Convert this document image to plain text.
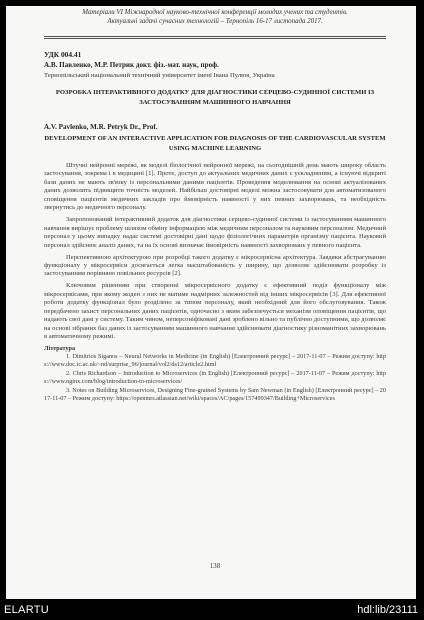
Матеріали VI Міжнародної науково-технічної конференції молодих учених та студентів.
Актуальні задачі сучасних технологій – Тернопіль 16-17 листопада 2017.
УДК 004.41
А.В. Павленко, М.Р. Петрик докт. фіз.-мат. наук, проф.
Тернопільський національний технічний університет імені Івана Пулюя, Україна
РОЗРОБКА ІНТЕРАКТИВНОГО ДОДАТКУ ДЛЯ ДІАГНОСТИКИ СЕРЦЕВО-СУДИННОЇ СИСТЕМИ ІЗ ЗАСТОСУВАННЯМ МАШИННОГО НАВЧАННЯ
A.V. Pavlenko, M.R. Petryk Dr., Prof.
DEVELOPMENT OF AN INTERACTIVE APPLICATION FOR DIAGNOSIS OF THE CARDIOVASCULAR SYSTEM USING MACHINE LEARNING

Штучні нейронні мережі, як моделі біологічної нейронної мережі, на сьогоднішній день мають широку область застосування, зокрема і в медицині [1]. Проте, доступ до актуальних медичних даних є ускладненим, а існуючі відкриті бази даних не мають зв'язку із персональними даними пацієнтів. Проведення моделювання на основі актуалізованих даних дозволить підвищити точність моделей. Найбільш достовірні моделі можна застосовувати для автоматизованого сповіщення пацієнтів медичних закладів про ймовірність наявності у них певних захворювань, та необхідність звернутись до медичного персоналу.

Запропонований інтерактивний додаток для діагностики серцево-судинної системи із застосуванням машинного навчання вирішує проблему шляхом обміну інформацією між медичним персоналом та науковим персоналом. Медичний персонал у цьому випадку надає системі достовірні дані щодо фізіологічних параметрів організму пацієнта. Науковий персонал здійснює аналіз даних, та на їх основі визначає ймовірність наявності захворювань у певного пацієнта.

Перспективною архітектурою при розробці такого додатку є мікросервісна архітектура. Завдяки абстрагуванню функціоналу у мікросервіси досягається легка масштабованість у ширину, що дозволяє здійснювати розробку із застосуванням порівняно повільних ресурсів [2].

Ключовим рішенням при створенні мікросервісного додатку є ефективний поділ функціоналу між мікросервісами, при якому жоден з них не матиме надмірних залежностей від інших мікросервісів [3]. Для ефективної роботи додатку функціонал було розділено за типом персоналу, який необхідний для його обслуговування. Також передбачено захист персональних даних пацієнтів, одночасно з яким забезпечується механізм оповіщення пацієнтів, що надають свої дані у систему. Таким чином, неперсоніфіковані дані зроблено вільно та публічно доступними, що дозволяє на основі зібраних баз даних із застосуванням машинного навчання здійснювати діагностику різноманітних захворювань в автоматичному режимі.

Література

1. Dimitrios Siganos – Neural Networks in Medicine (in English) [Електронний ресурс] – 2017-11-07 – Режим доступу: https://www.doc.ic.ac.uk/~nd/surprise_96/journal/vol2/ds12/article2.html

2. Chris Richardson – Introduction to Microservices (in English) [Електронний ресурс] – 2017-11-07 – Режим доступу: https://www.nginx.com/blog/introduction-to-microservices/

3. Notes on Building Microservices, Designing Fine-grained Systems by Sam Newman (in English) [Електронний ресурс] – 2017-11-07 – Режим доступу: https://openmrs.atlassian.net/wiki/spaces/AC/pages/157499347/Building+Microservices

138
ELARTU	hdl:lib/23111
